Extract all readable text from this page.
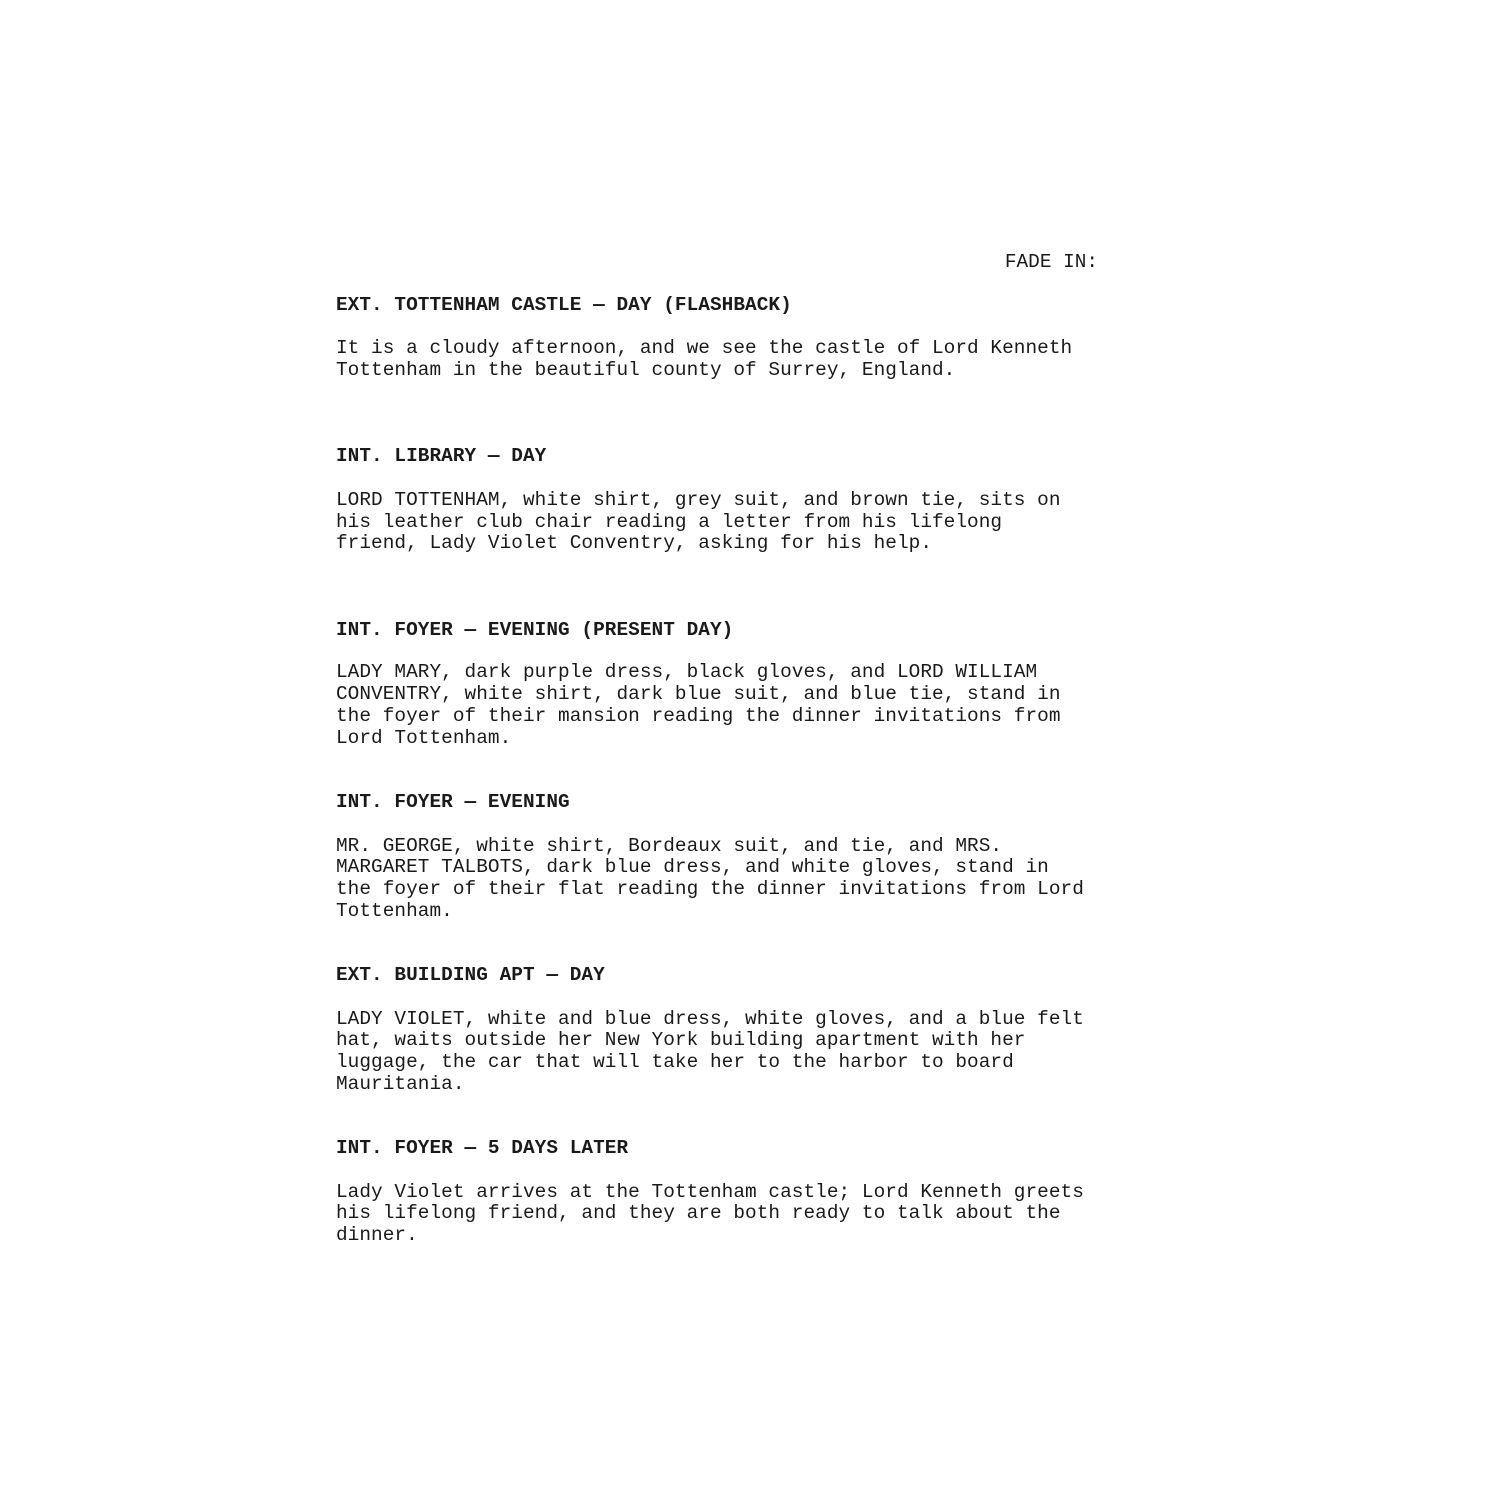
FADE IN:
EXT. TOTTENHAM CASTLE — DAY (FLASHBACK)
It is a cloudy afternoon, and we see the castle of Lord Kenneth
Tottenham in the beautiful county of Surrey, England.
INT. LIBRARY — DAY
LORD TOTTENHAM, white shirt, grey suit, and brown tie, sits on
his leather club chair reading a letter from his lifelong
friend, Lady Violet Conventry, asking for his help.
INT. FOYER — EVENING (PRESENT DAY)
LADY MARY, dark purple dress, black gloves, and LORD WILLIAM
CONVENTRY, white shirt, dark blue suit, and blue tie, stand in
the foyer of their mansion reading the dinner invitations from
Lord Tottenham.
INT. FOYER — EVENING
MR. GEORGE, white shirt, Bordeaux suit, and tie, and MRS.
MARGARET TALBOTS, dark blue dress, and white gloves, stand in
the foyer of their flat reading the dinner invitations from Lord
Tottenham.
EXT. BUILDING APT — DAY
LADY VIOLET, white and blue dress, white gloves, and a blue felt
hat, waits outside her New York building apartment with her
luggage, the car that will take her to the harbor to board
Mauritania.
INT. FOYER — 5 DAYS LATER
Lady Violet arrives at the Tottenham castle; Lord Kenneth greets
his lifelong friend, and they are both ready to talk about the
dinner.
